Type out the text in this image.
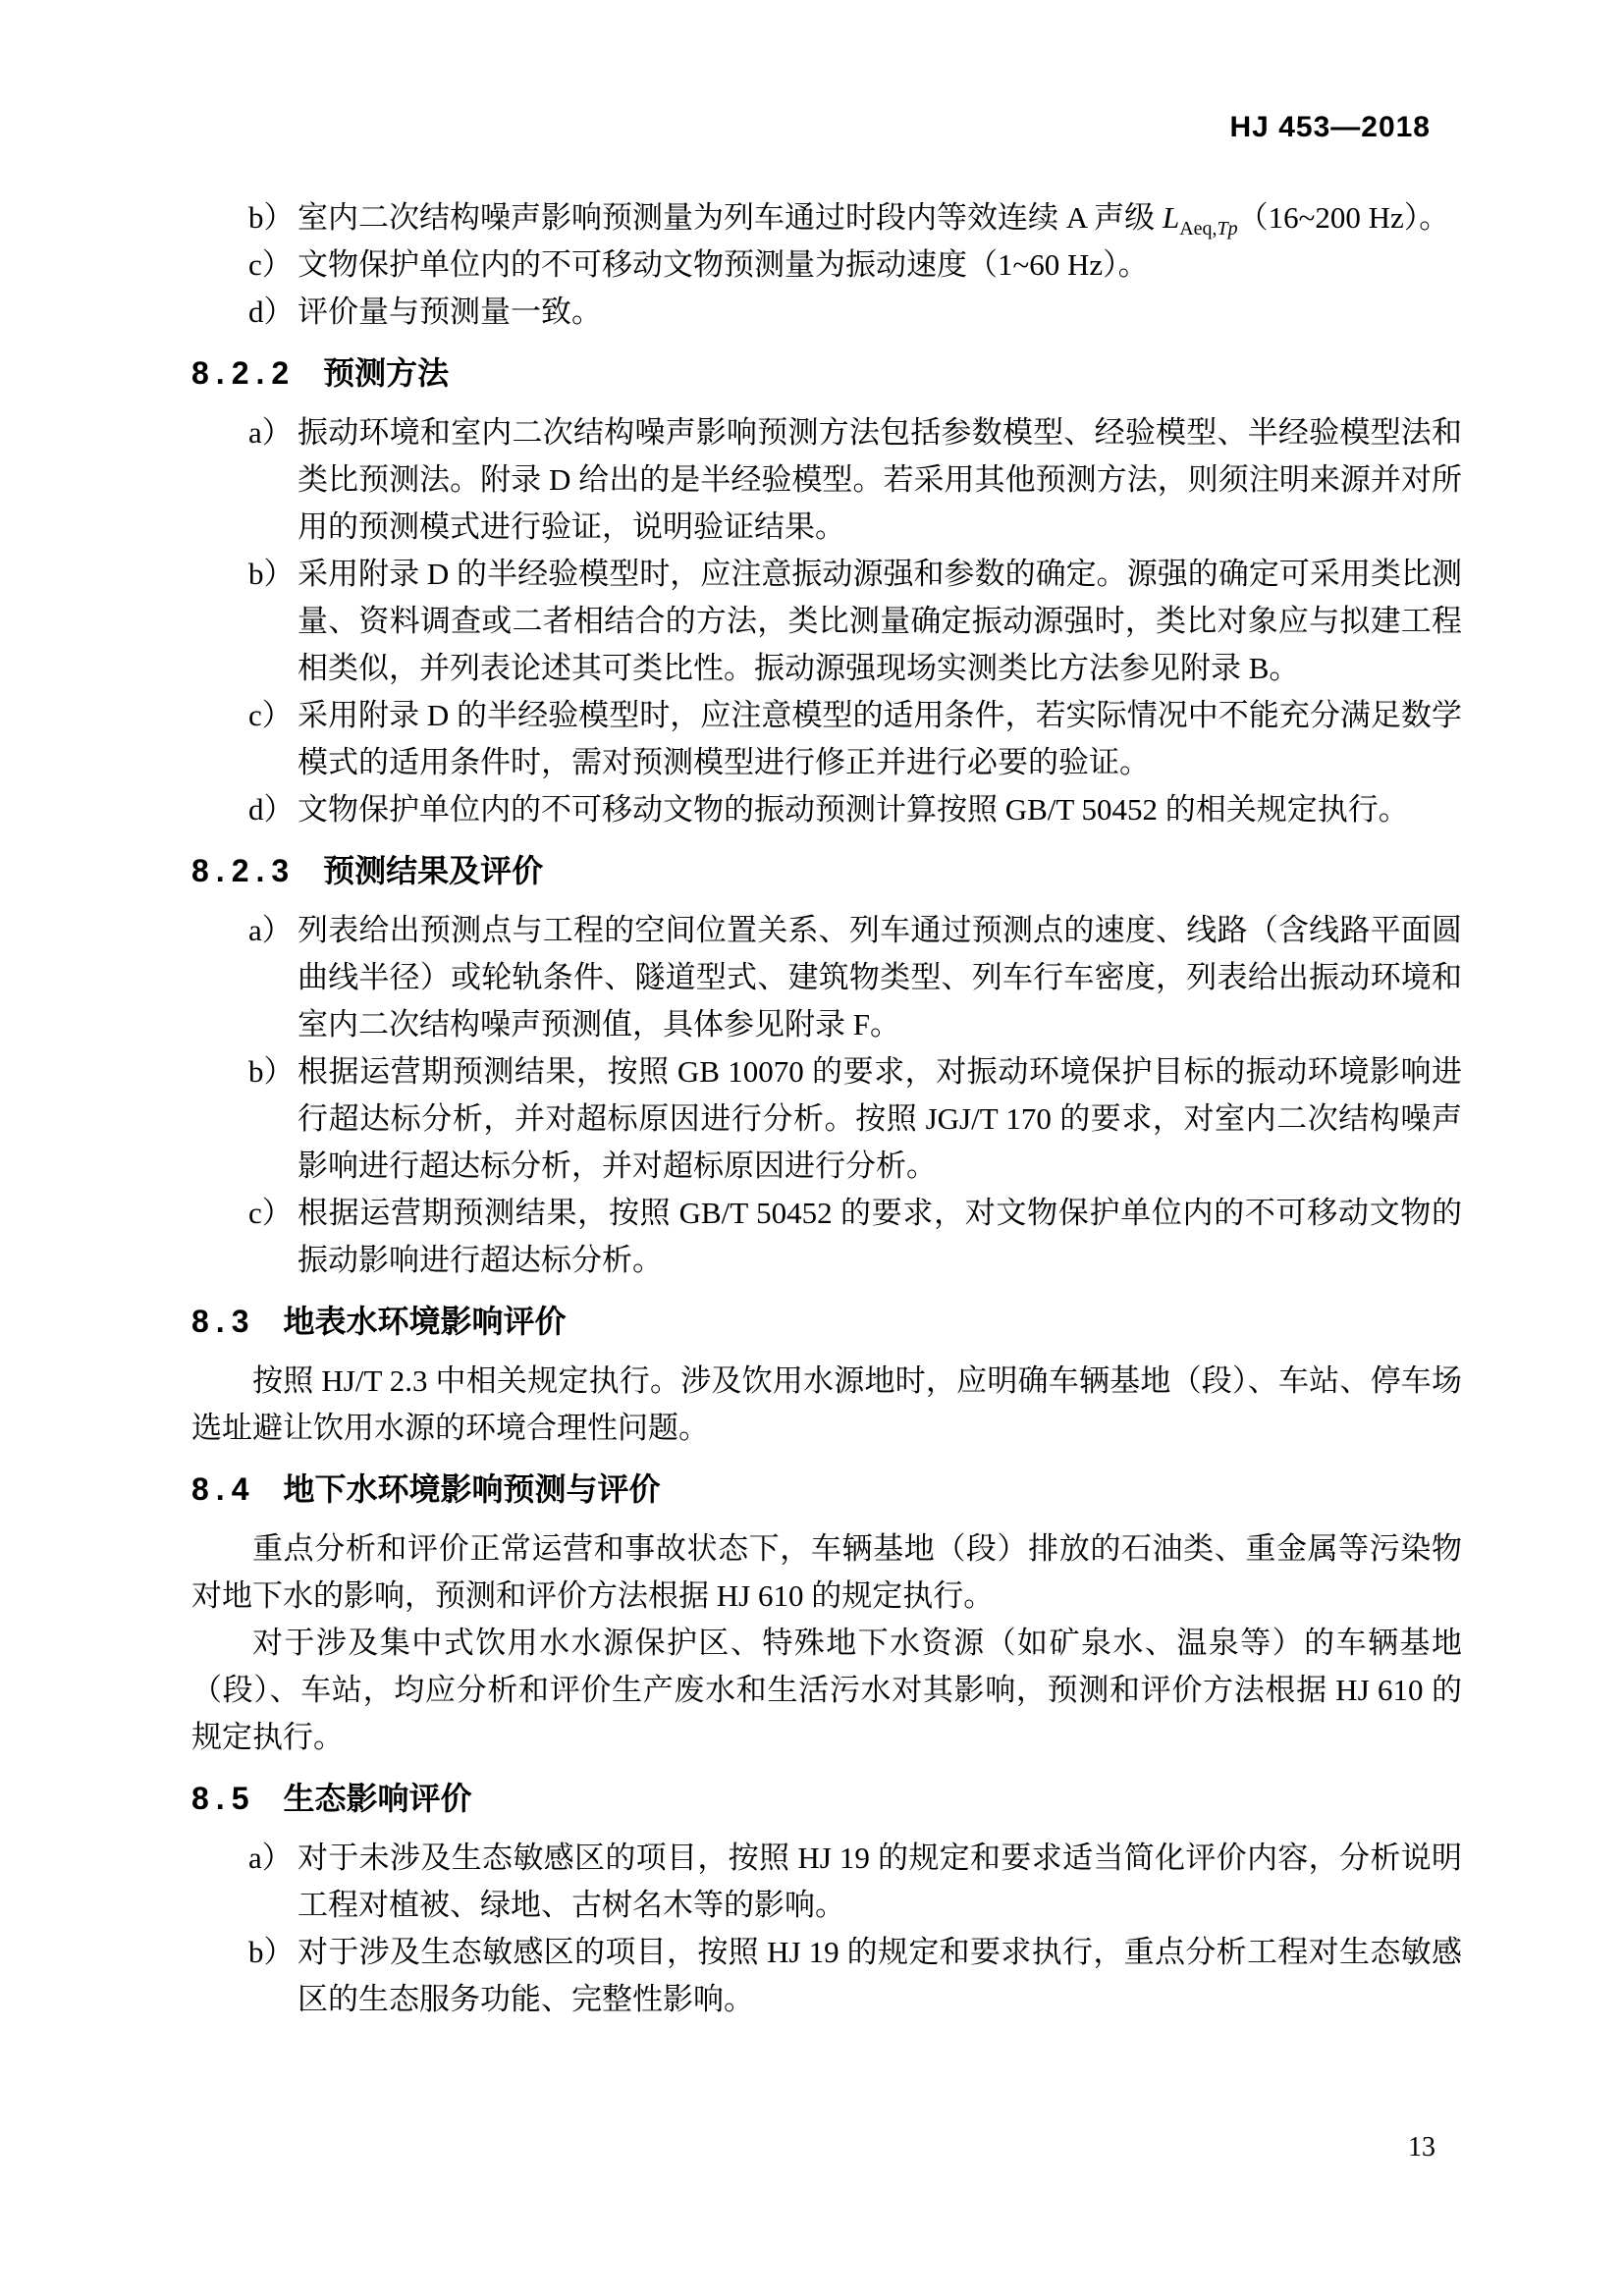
HJ 453—2018
b） 室内二次结构噪声影响预测量为列车通过时段内等效连续 A 声级 $L_{Aeq,Tp}(16\sim 200$ Hz）。
c） 文物保护单位内的不可移动文物预测量为振动速度（1~60 Hz）。
d） 评价量与预测量一致。
8.2.2 预测方法
a） 振动环境和室内二次结构噪声影响预测方法包括参数模型、经验模型、半经验模型法和类比预测法。附录 D 给出的是半经验模型。若采用其他预测方法，则须注明来源并对所用的预测模式进行验证，说明验证结果。
b） 采用附录 D 的半经验模型时，应注意振动源强和参数的确定。源强的确定可采用类比测量、资料调查或二者相结合的方法，类比测量确定振动源强时，类比对象应与拟建工程相类似，并列表论述其可类比性。振动源强现场实测类比方法参见附录 B。
c） 采用附录 D 的半经验模型时，应注意模型的适用条件，若实际情况中不能充分满足数学模式的适用条件时，需对预测模型进行修正并进行必要的验证。
d） 文物保护单位内的不可移动文物的振动预测计算按照 GB/T 50452 的相关规定执行。
8.2.3 预测结果及评价
a） 列表给出预测点与工程的空间位置关系、列车通过预测点的速度、线路（含线路平面圆曲线半径）或轮轨条件、隧道型式、建筑物类型、列车行车密度，列表给出振动环境和室内二次结构噪声预测值，具体参见附录 F。
b） 根据运营期预测结果，按照 GB 10070 的要求，对振动环境保护目标的振动环境影响进行超达标分析，并对超标原因进行分析。按照 JGJ/T 170 的要求，对室内二次结构噪声影响进行超达标分析，并对超标原因进行分析。
c） 根据运营期预测结果，按照 GB/T 50452 的要求，对文物保护单位内的不可移动文物的振动影响进行超达标分析。
8.3 地表水环境影响评价

按照 HJ/T 2.3 中相关规定执行。涉及饮用水源地时，应明确车辆基地（段）、车站、停车场选址避让饮用水源的环境合理性问题。

8.4 地下水环境影响预测与评价

重点分析和评价正常运营和事故状态下，车辆基地（段）排放的石油类、重金属等污染物对地下水的影响，预测和评价方法根据 HJ 610 的规定执行。

对于涉及集中式饮用水水源保护区、特殊地下水资源（如矿泉水、温泉等）的车辆基地（段）、车站，均应分析和评价生产废水和生活污水对其影响，预测和评价方法根据 HJ 610 的规定执行。

8.5 生态影响评价
a） 对于未涉及生态敏感区的项目，按照 HJ 19 的规定和要求适当简化评价内容，分析说明工程对植被、绿地、古树名木等的影响。
b） 对于涉及生态敏感区的项目，按照 HJ 19 的规定和要求执行，重点分析工程对生态敏感区的生态服务功能、完整性影响。
13
